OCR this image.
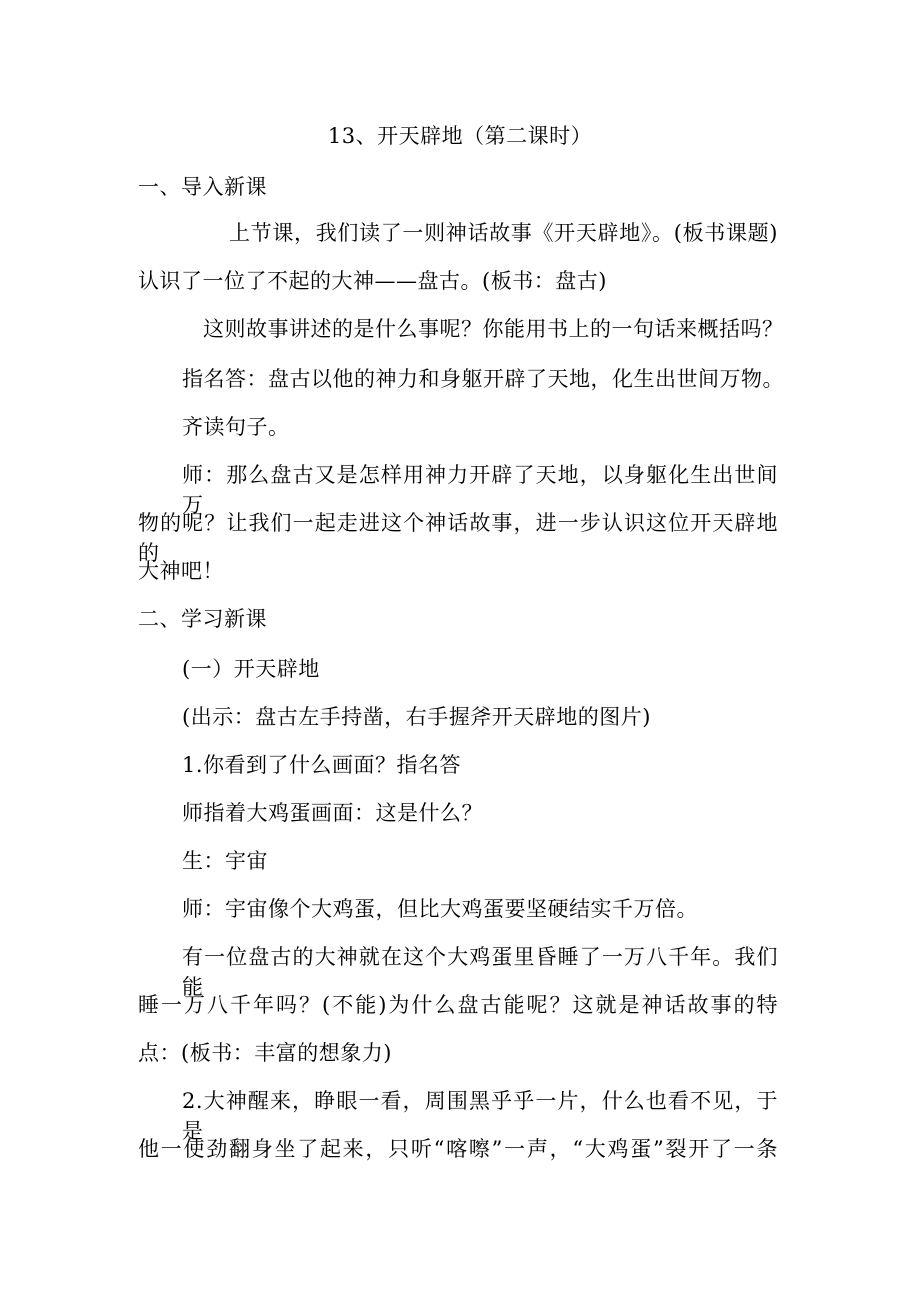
13、开天辟地（第二课时）
一、导入新课
上节课，我们读了一则神话故事《开天辟地》。(板书课题)
认识了一位了不起的大神——盘古。(板书：盘古)
这则故事讲述的是什么事呢？你能用书上的一句话来概括吗？
指名答：盘古以他的神力和身躯开辟了天地，化生出世间万物。
齐读句子。
师：那么盘古又是怎样用神力开辟了天地，以身躯化生出世间万
物的呢？让我们一起走进这个神话故事，进一步认识这位开天辟地的
大神吧！
二、学习新课
(一）开天辟地
(出示：盘古左手持凿，右手握斧开天辟地的图片)
1.你看到了什么画面？指名答
师指着大鸡蛋画面：这是什么？
生：宇宙
师：宇宙像个大鸡蛋，但比大鸡蛋要坚硬结实千万倍。
有一位盘古的大神就在这个大鸡蛋里昏睡了一万八千年。我们能
睡一万八千年吗？(不能)为什么盘古能呢？这就是神话故事的特
点：(板书：丰富的想象力)
2.大神醒来，睁眼一看，周围黑乎乎一片，什么也看不见，于是
他一使劲翻身坐了起来，只听“喀嚓”一声，“大鸡蛋”裂开了一条
